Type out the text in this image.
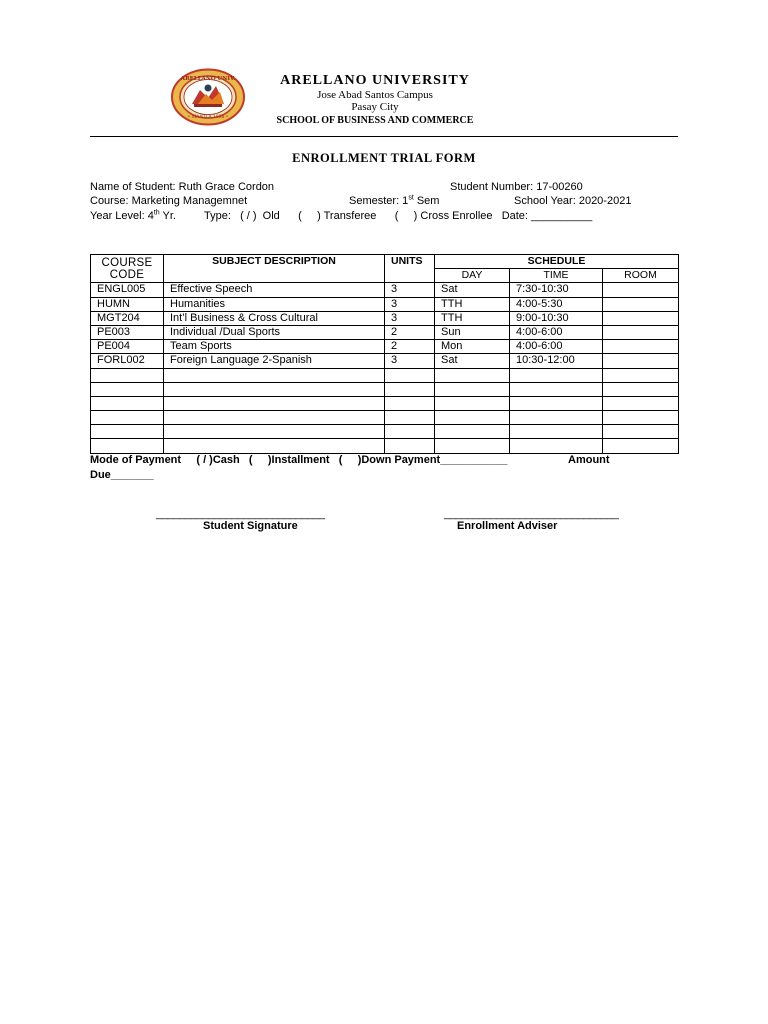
ARELLANO UNIV.
• MANILA 1938 •
ARELLANO UNIVERSITY
Jose Abad Santos Campus
Pasay City
SCHOOL OF BUSINESS AND COMMERCE
ENROLLMENT TRIAL FORM
Name of Student: Ruth Grace Cordon	Student Number: 17-00260
Course: Marketing Managemnet	Semester: 1st Sem	School Year: 2020-2021
Year Level: 4th Yr.	Type:   ( / )  Old      (     ) Transferee      (     ) Cross Enrollee   Date: __________
COURSE CODE	SUBJECT DESCRIPTION	UNITS	SCHEDULE		
			DAY	TIME	ROOM
ENGL005	Effective Speech	3	Sat	7:30-10:30	
HUMN	Humanities	3	TTH	4:00-5:30	
MGT204	Int’l Business & Cross Cultural	3	TTH	9:00-10:30	
PE003	Individual /Dual Sports	2	Sun	4:00-6:00	
PE004	Team Sports	2	Mon	4:00-6:00	
FORL002	Foreign Language 2-Spanish	3	Sat	10:30-12:00	

Mode of Payment     ( / )Cash   (     )Installment   (     )Down Payment___________	Amount
Due_______
_____________________________
Student Signature
______________________________
Enrollment Adviser
